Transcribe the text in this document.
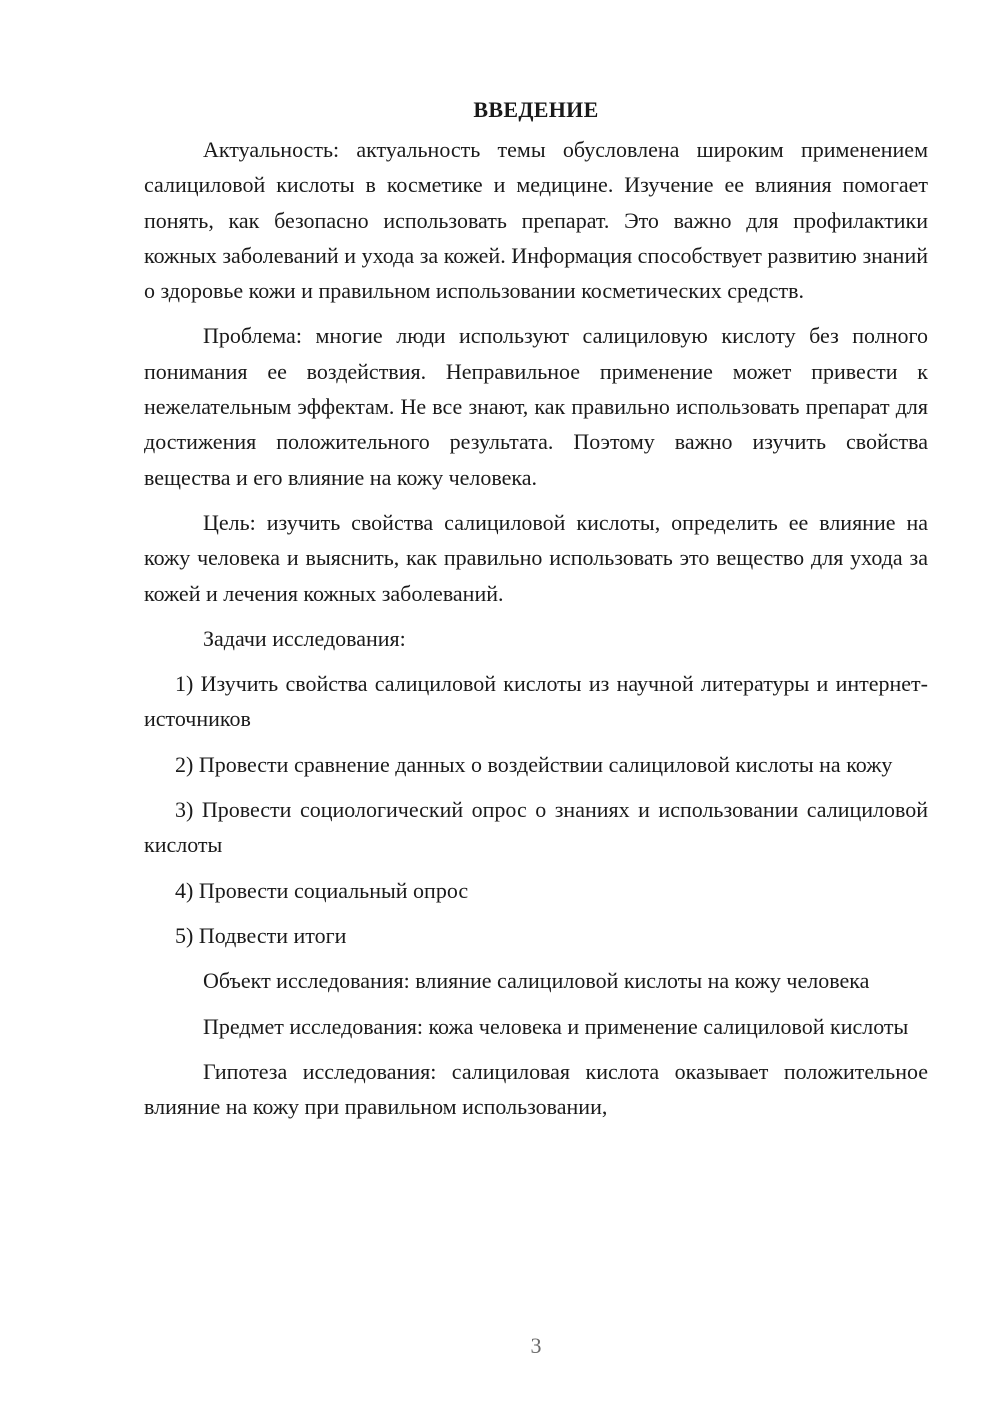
ВВЕДЕНИЕ

Актуальность: актуальность темы обусловлена широким применением салициловой кислоты в косметике и медицине. Изучение ее влияния помогает понять, как безопасно использовать препарат. Это важно для профилактики кожных заболеваний и ухода за кожей. Информация способствует развитию знаний о здоровье кожи и правильном использовании косметических средств.

Проблема: многие люди используют салициловую кислоту без полного понимания ее воздействия. Неправильное применение может привести к нежелательным эффектам. Не все знают, как правильно использовать препарат для достижения положительного результата. Поэтому важно изучить свойства вещества и его влияние на кожу человека.

Цель: изучить свойства салициловой кислоты, определить ее влияние на кожу человека и выяснить, как правильно использовать это вещество для ухода за кожей и лечения кожных заболеваний.

Задачи исследования:

1) Изучить свойства салициловой кислоты из научной литературы и интернет-источников

2) Провести сравнение данных о воздействии салициловой кислоты на кожу

3) Провести социологический опрос о знаниях и использовании салициловой кислоты

4) Провести социальный опрос

5) Подвести итоги

Объект исследования: влияние салициловой кислоты на кожу человека

Предмет исследования: кожа человека и применение салициловой кислоты

Гипотеза исследования: салициловая кислота оказывает положительное влияние на кожу при правильном использовании,

3
